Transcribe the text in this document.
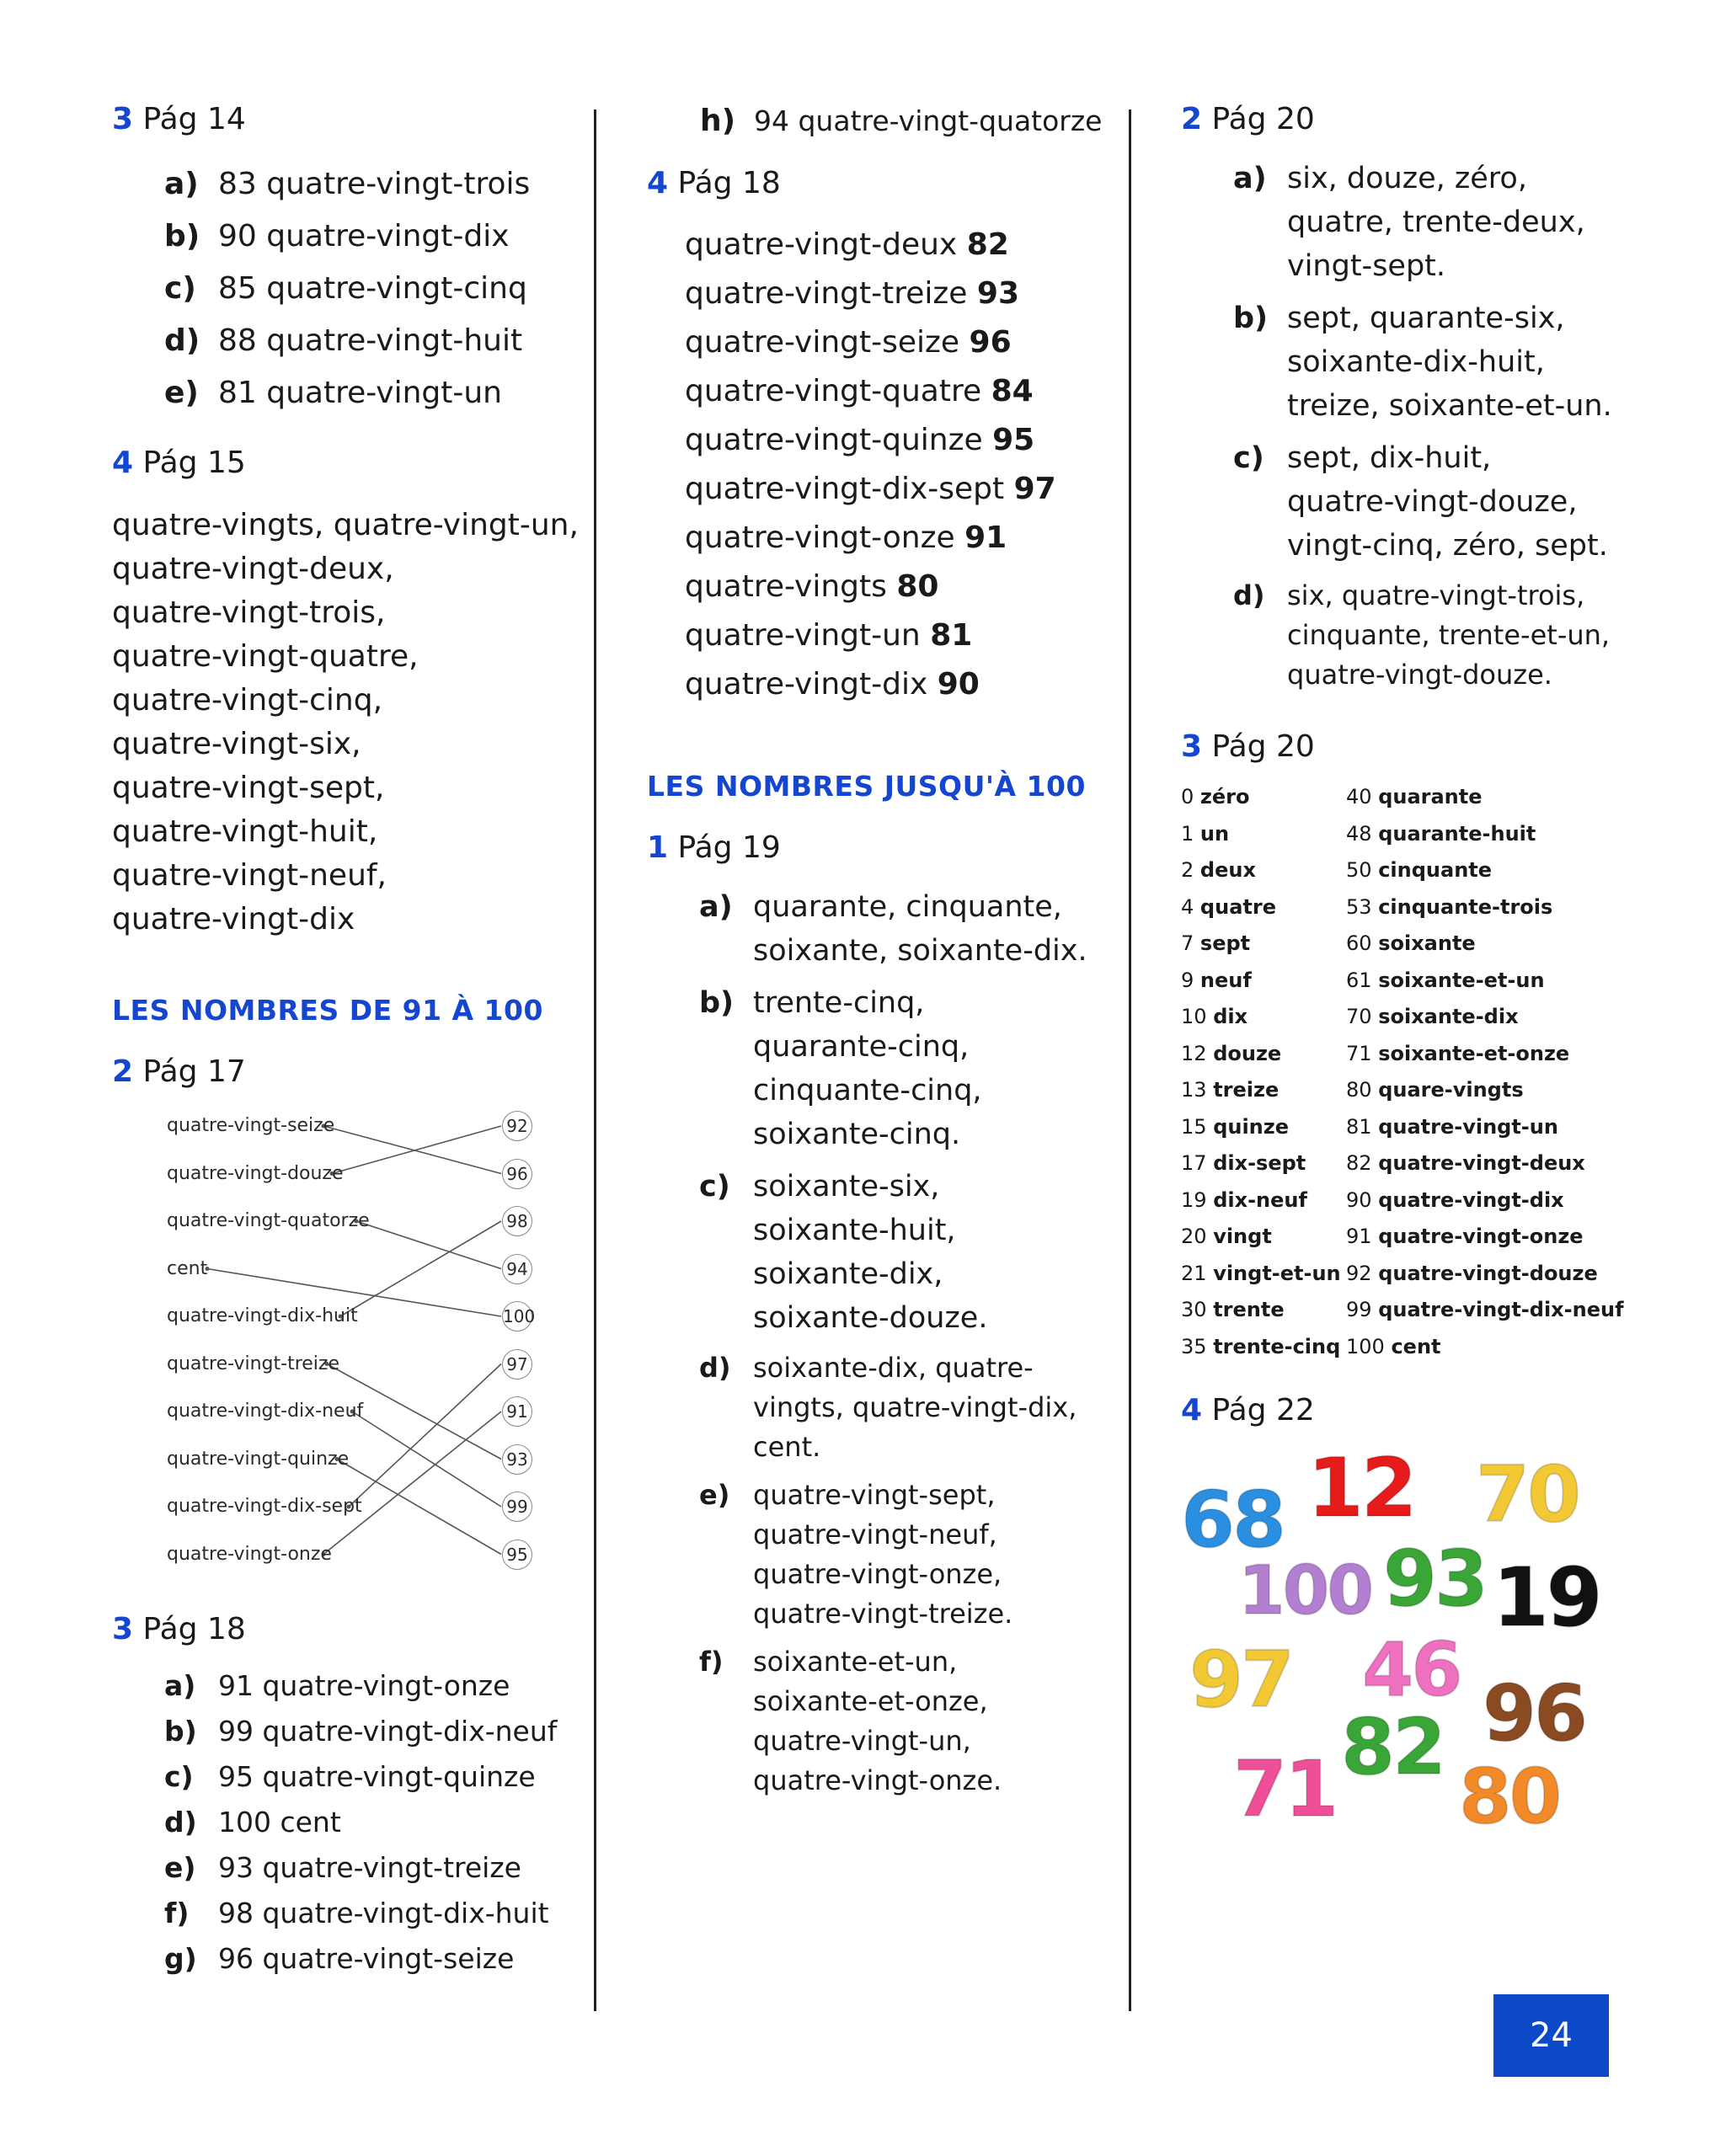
3 Pág 14

a) 83 quatre-vingt-trois
b) 90 quatre-vingt-dix
c) 85 quatre-vingt-cinq
d) 88 quatre-vingt-huit
e) 81 quatre-vingt-un

4 Pág 15

quatre-vingts, quatre-vingt-un,
quatre-vingt-deux,
quatre-vingt-trois,
quatre-vingt-quatre,
quatre-vingt-cinq,
quatre-vingt-six,
quatre-vingt-sept,
quatre-vingt-huit,
quatre-vingt-neuf,
quatre-vingt-dix

LES NOMBRES DE 91 À 100

2 Pág 17

quatre-vingt-seize	92
quatre-vingt-douze	96
quatre-vingt-quatorze	98
cent	94
quatre-vingt-dix-huit	100
quatre-vingt-treize	97
quatre-vingt-dix-neuf	91
quatre-vingt-quinze	93
quatre-vingt-dix-sept	99
quatre-vingt-onze	95

3 Pág 18

a) 91 quatre-vingt-onze
b) 99 quatre-vingt-dix-neuf
c) 95 quatre-vingt-quinze
d) 100 cent
e) 93 quatre-vingt-treize
f)	98 quatre-vingt-dix-huit
g) 96 quatre-vingt-seize
h) 94 quatre-vingt-quatorze

4 Pág 18

quatre-vingt-deux 82
quatre-vingt-treize 93
quatre-vingt-seize 96
quatre-vingt-quatre 84
quatre-vingt-quinze 95
quatre-vingt-dix-sept 97
quatre-vingt-onze 91
quatre-vingts 80
quatre-vingt-un 81
quatre-vingt-dix 90

LES NOMBRES JUSQU'À 100

1 Pág 19

a) quarante, cinquante,
soixante, soixante-dix.
b) trente-cinq,
quarante-cinq,
cinquante-cinq,
soixante-cinq.
c) soixante-six,
soixante-huit,
soixante-dix,
soixante-douze.
d) soixante-dix, quatre-
vingts, quatre-vingt-dix,
cent.
e) quatre-vingt-sept,
quatre-vingt-neuf,
quatre-vingt-onze,
quatre-vingt-treize.
f)	soixante-et-un,
soixante-et-onze,
quatre-vingt-un,
quatre-vingt-onze.

2 Pág 20

a) six, douze, zéro,
quatre, trente-deux,
vingt-sept.
b) sept, quarante-six,
soixante-dix-huit,
treize, soixante-et-un.
c) sept, dix-huit,
quatre-vingt-douze,
vingt-cinq, zéro, sept.
d) six, quatre-vingt-trois,
cinquante, trente-et-un,
quatre-vingt-douze.

3 Pág 20

0 zéro	40 quarante
1 un	48 quarante-huit
2 deux	50 cinquante
4 quatre	53 cinquante-trois
7 sept	60 soixante
9 neuf	61 soixante-et-un
10 dix	70 soixante-dix
12 douze	71 soixante-et-onze
13 treize	80 quare-vingts
15 quinze	81 quatre-vingt-un
17 dix-sept	82 quatre-vingt-deux
19 dix-neuf	90 quatre-vingt-dix
20 vingt	91 quatre-vingt-onze
21 vingt-et-un 92 quatre-vingt-douze
30 trente	99 quatre-vingt-dix-neuf
35 trente-cinq 100 cent

4 Pág 22

68 12 70
93
100 19
97 46 96
82
71 80
24
